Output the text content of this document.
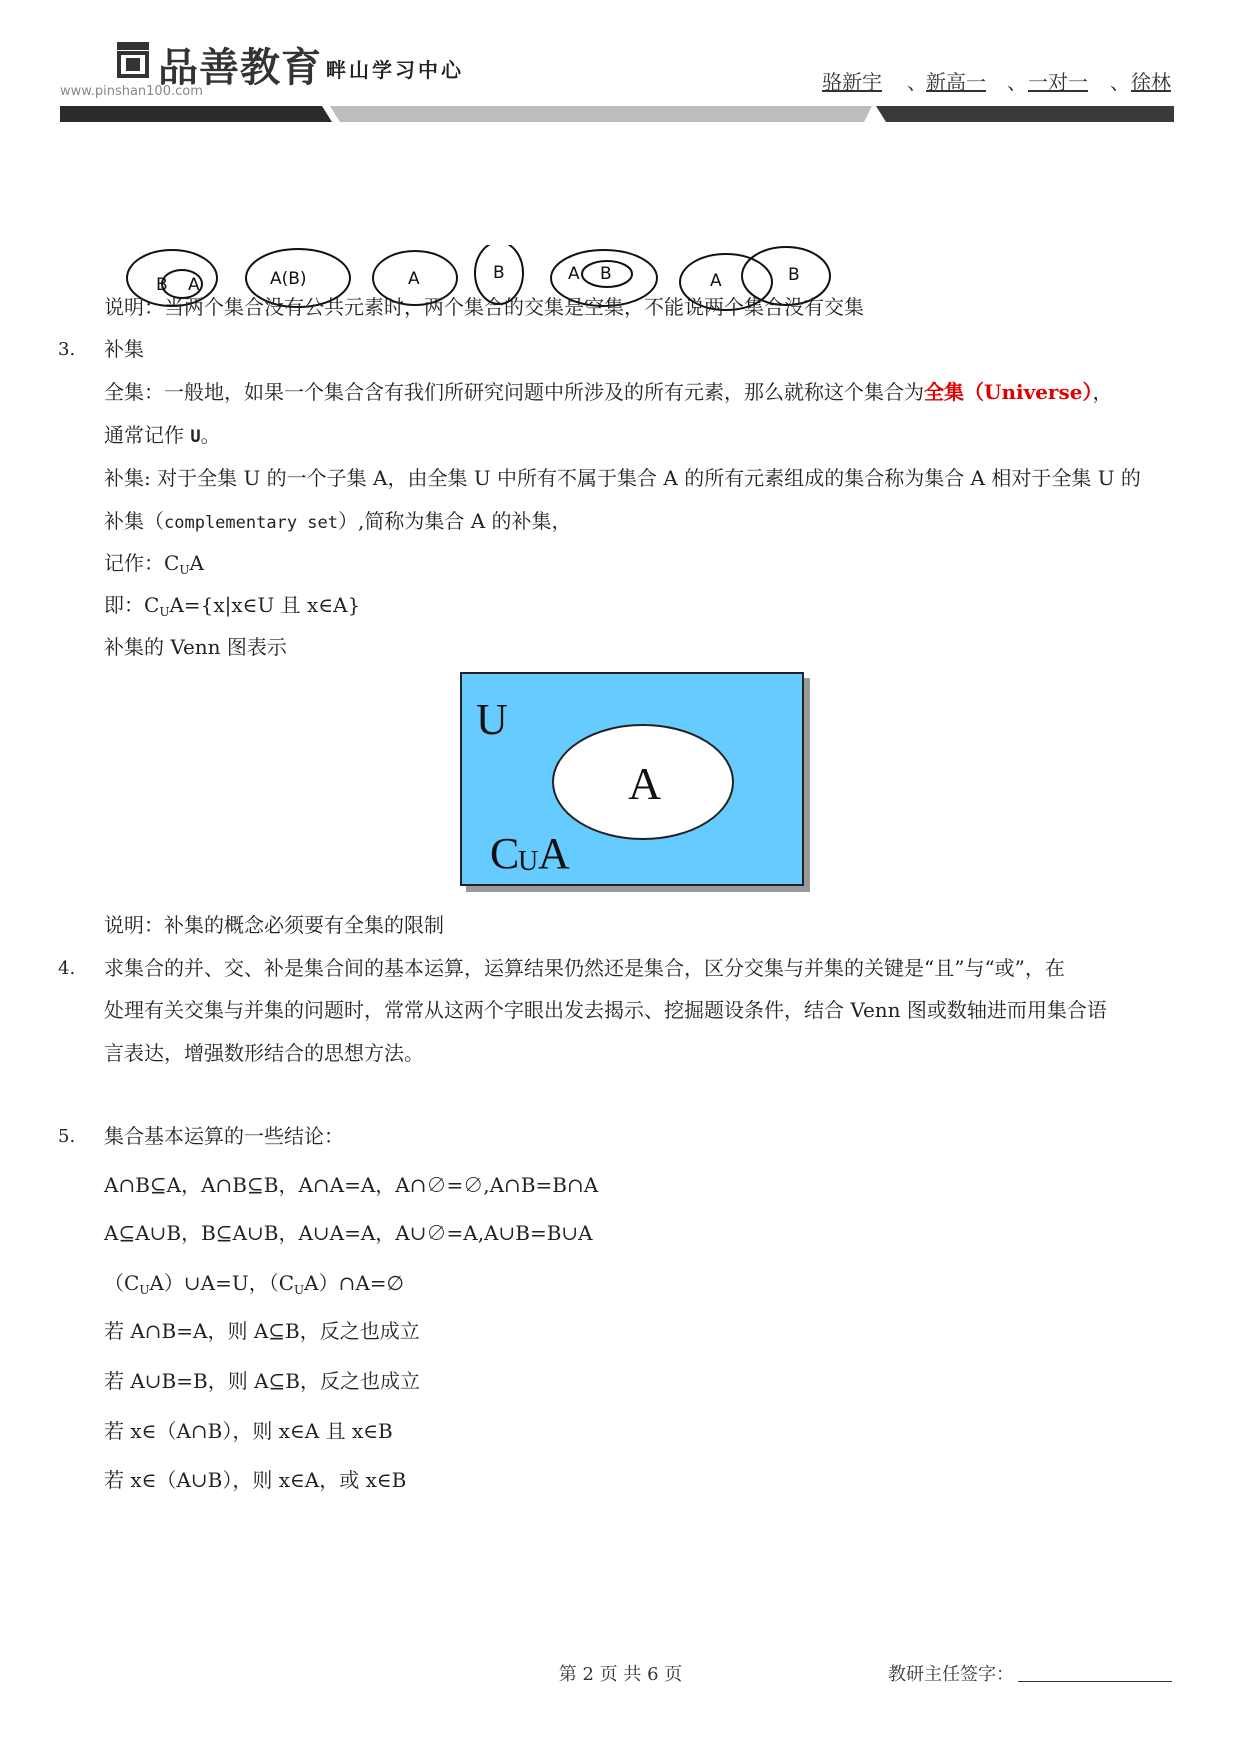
品善教育 畔山学习中心
www.pinshan100.com	骆新宇 、 新高一 、 一对一 、 徐林
B A	A(B)	A	B	A B	A	B
说明：当两个集合没有公共元素时，两个集合的交集是空集，不能说两个集合没有交集
3. 补集
全集：一般地，如果一个集合含有我们所研究问题中所涉及的所有元素，那么就称这个集合为全集（Universe），
通常记作 U。
补集: 对于全集 U 的一个子集 A，由全集 U 中所有不属于集合 A 的所有元素组成的集合称为集合 A 相对于全集 U 的
补集（complementary set）,简称为集合 A 的补集，
记作：$C_UA$
即：$C_UA=\{x|x\in U$ 且 x∈A}
补集的 Venn 图表示
U
A
C
U A
说明：补集的概念必须要有全集的限制
4. 求集合的并、交、补是集合间的基本运算，运算结果仍然还是集合，区分交集与并集的关键是“且”与“或”，在
处理有关交集与并集的问题时，常常从这两个字眼出发去揭示、挖掘题设条件，结合 Venn 图或数轴进而用集合语
言表达，增强数形结合的思想方法。
5. 集合基本运算的一些结论：
A∩B⊆A，A∩B⊆B，A∩A=A，A∩∅=∅,A∩B=B∩A
A⊆A∪B，B⊆A∪B，A∪A=A，A∪∅=A,A∪B=B∪A
$(C_UA)\cup A=U$，$(C_UA)\cap A=\emptyset$
若 A∩B=A，则 A⊆B，反之也成立
若 A∪B=B，则 A⊆B，反之也成立
若 x∈（A∩B），则 x∈A 且 x∈B
若 x∈（A∪B），则 x∈A，或 x∈B
第 2 页 共 6 页	教研主任签字：
